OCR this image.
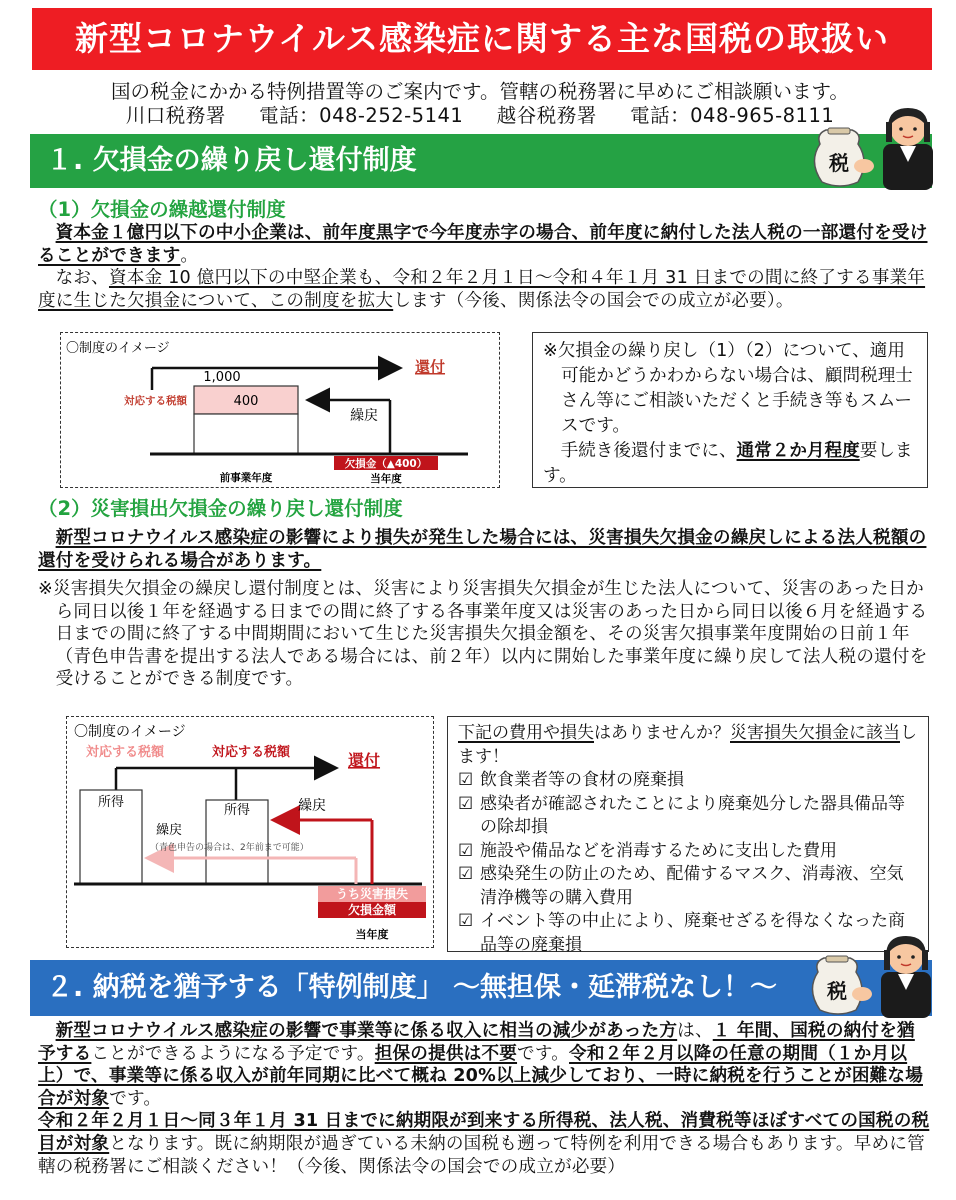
新型コロナウイルス感染症に関する主な国税の取扱い
国の税金にかかる特例措置等のご案内です。管轄の税務署に早めにご相談願います。
川口税務署 電話：048-252-5141 越谷税務署 電話：048-965-8111
１. 欠損金の繰り戻し還付制度	税
（1）欠損金の繰越還付制度

資本金１億円以下の中小企業は、前年度黒字で今年度赤字の場合、前年度に納付した法人税の一部還付を受けることができます。

なお、資本金 10 億円以下の中堅企業も、令和２年２月１日～令和４年１月 31 日までの間に終了する事業年度に生じた欠損金について、この制度を拡大します（今後、関係法令の国会での成立が必要）。

〇制度のイメージ
還付
1,000
対応する税額	400
繰戻
欠損金（▲400）
前事業年度	当年度
※欠損金の繰り戻し（1）（2）について、適用可能かどうかわからない場合は、顧問税理士さん等にご相談いただくと手続き等もスムースです。
手続き後還付までに、通常２か月程度要します。
（2）災害損出欠損金の繰り戻し還付制度

新型コロナウイルス感染症の影響により損失が発生した場合には、災害損失欠損金の繰戻しによる法人税額の還付を受けられる場合があります。

※災害損失欠損金の繰戻し還付制度とは、災害により災害損失欠損金が生じた法人について、災害のあった日から同日以後１年を経過する日までの間に終了する各事業年度又は災害のあった日から同日以後６月を経過する日までの間に終了する中間期間において生じた災害損失欠損金額を、その災害欠損事業年度開始の日前１年（青色申告書を提出する法人である場合には、前２年）以内に開始した事業年度に繰り戻して法人税の還付を受けることができる制度です。

〇制度のイメージ
対応する税額	対応する税額	還付
所得
所得	繰戻
繰戻
（青色申告の場合は、2年前まで可能）
うち災害損失
欠損金額
当年度
下記の費用や損失はありませんか？災害損失欠損金に該当します！
☑ 飲食業者等の食材の廃棄損
☑ 感染者が確認されたことにより廃棄処分した器具備品等の除却損
☑ 施設や備品などを消毒するために支出した費用
☑ 感染発生の防止のため、配備するマスク、消毒液、空気清浄機等の購入費用
☑ イベント等の中止により、廃棄せざるを得なくなった商品等の廃棄損
２. 納税を猶予する「特例制度」 ～無担保・延滞税なし！～	税

新型コロナウイルス感染症の影響で事業等に係る収入に相当の減少があった方は、１ 年間、国税の納付を猶予することができるようになる予定です。担保の提供は不要です。令和２年２月以降の任意の期間（１か月以上）で、事業等に係る収入が前年同期に比べて概ね 20%以上減少しており、一時に納税を行うことが困難な場合が対象です。

令和２年２月１日～同３年１月 31 日までに納期限が到来する所得税、法人税、消費税等ほぼすべての国税の税目が対象となります。既に納期限が過ぎている未納の国税も遡って特例を利用できる場合もあります。早めに管轄の税務署にご相談ください！（今後、関係法令の国会での成立が必要）
